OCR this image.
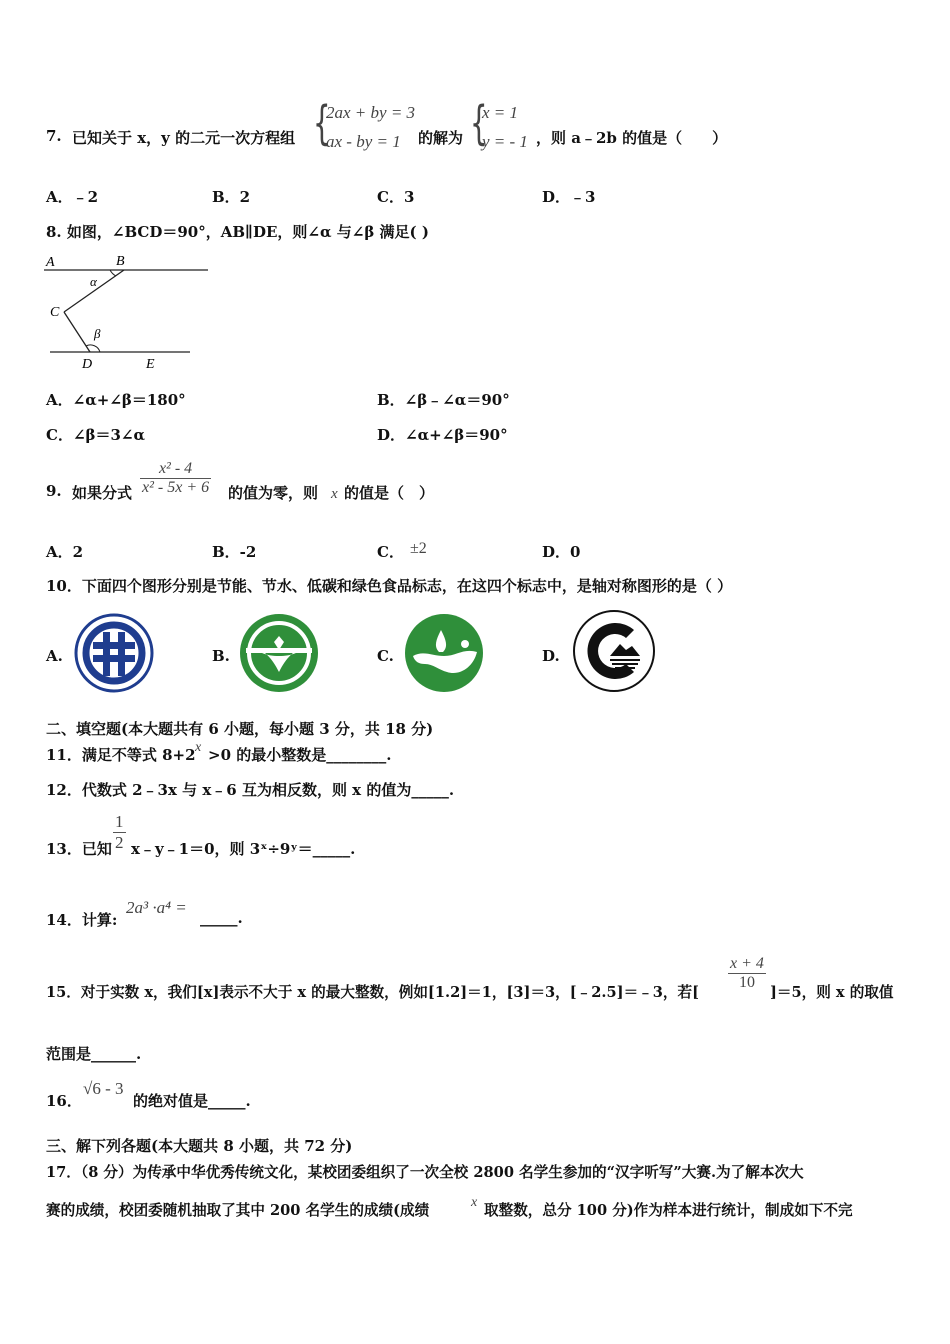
7. 已知关于 x，y 的二元一次方程组 {
2ax + by = 3
ax - by = 1 的解为 {
x = 1
y = - 1 ，则 a﹣2b 的值是（　　）
A．﹣2	B．2	C．3	D．﹣3
8. 如图，∠BCD＝90°，AB∥DE，则∠α 与∠β 满足( )
A	B
C
D	E
α
β
A．∠α+∠β＝180°	B．∠β﹣∠α＝90°
C．∠β＝3∠α	D．∠α+∠β＝90°
9. 如果分式 $\frac{\text{x² - 4}}{\text{x² - 5x + 6}}$ 的值为零，则 x 的值是（　）
A．2	B．-2	C． ±2	D．0
10．下面四个图形分别是节能、节水、低碳和绿色食品标志，在这四个标志中，是轴对称图形的是（ ）
A.	B.	C.	D.
二、填空题(本大题共有 6 小题，每小题 3 分，共 18 分)
11．满足不等式 8+2 x >0 的最小整数是________.
12．代数式 2﹣3x 与 x﹣6 互为相反数，则 x 的值为_____.
13．已知 $\frac{1}{2}$ x﹣y﹣1＝0，则 3ˣ÷9ʸ＝_____.
14．计算:
2a³ ·a⁴ =
_____.
15．对于实数 x，我们[x]表示不大于 x 的最大整数，例如[1.2]＝1，[3]＝3，[﹣2.5]＝﹣3，若[
$\frac{x + 4}{10}$
]＝5，则 x 的取值
范围是______.
16．
√6 - 3
的绝对值是_____.
三、解下列各题(本大题共 8 小题，共 72 分)
17．（8 分）为传承中华优秀传统文化，某校团委组织了一次全校 2800 名学生参加的“汉字听写”大赛.为了解本次大
赛的成绩，校团委随机抽取了其中 200 名学生的成绩(成绩	x 取整数，总分 100 分)作为样本进行统计，制成如下不完
